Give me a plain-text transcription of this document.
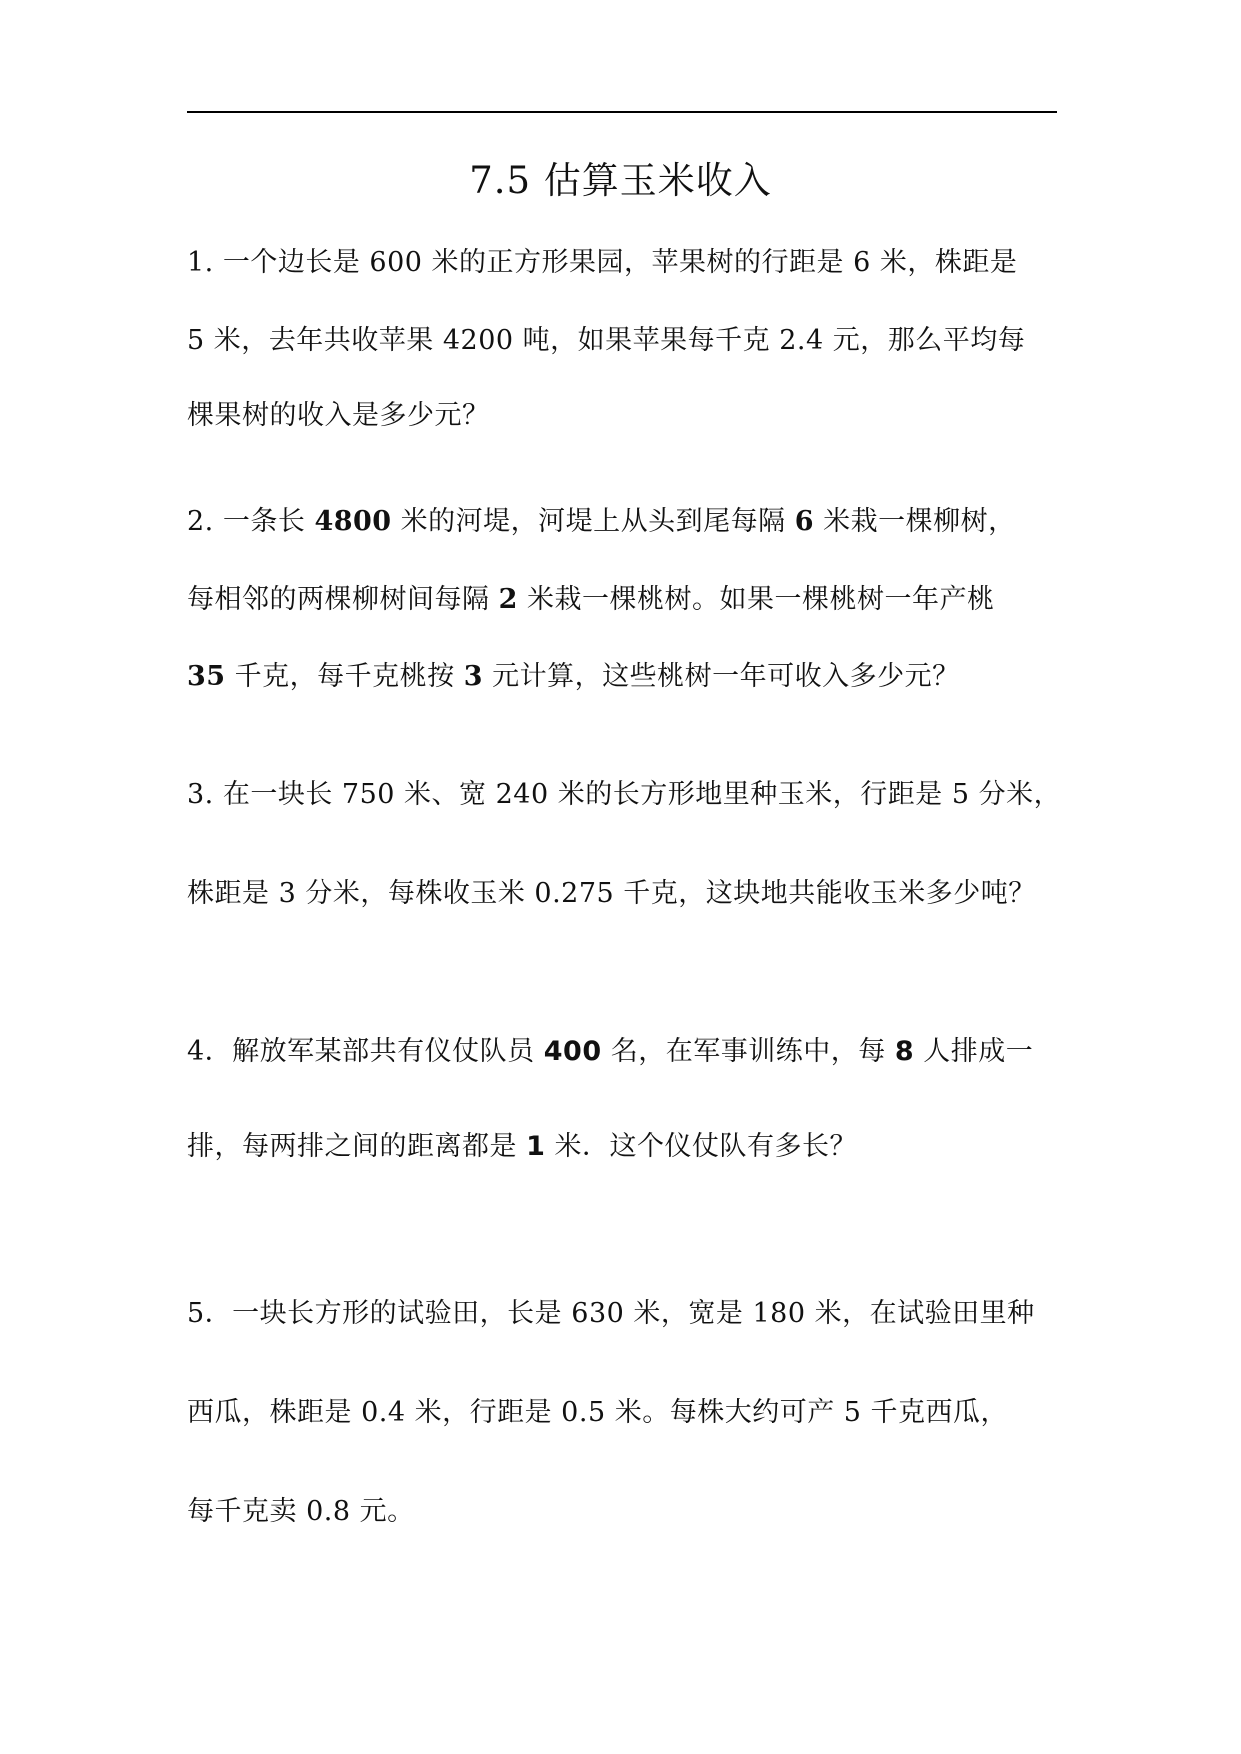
7.5 估算玉米收入
1. 一个边长是 600 米的正方形果园，苹果树的行距是 6 米，株距是
5 米，去年共收苹果 4200 吨，如果苹果每千克 2.4 元，那么平均每
棵果树的收入是多少元？
2. 一条长 4800 米的河堤，河堤上从头到尾每隔 6 米栽一棵柳树，
每相邻的两棵柳树间每隔 2 米栽一棵桃树。如果一棵桃树一年产桃
35 千克，每千克桃按 3 元计算，这些桃树一年可收入多少元？
3. 在一块长 750 米、宽 240 米的长方形地里种玉米，行距是 5 分米，
株距是 3 分米，每株收玉米 0.275 千克，这块地共能收玉米多少吨？
4．解放军某部共有仪仗队员 400 名，在军事训练中，每 8 人排成一
排，每两排之间的距离都是 1 米．这个仪仗队有多长？
5．一块长方形的试验田，长是 630 米，宽是 180 米，在试验田里种
西瓜，株距是 0.4 米，行距是 0.5 米。每株大约可产 5 千克西瓜，
每千克卖 0.8 元。
